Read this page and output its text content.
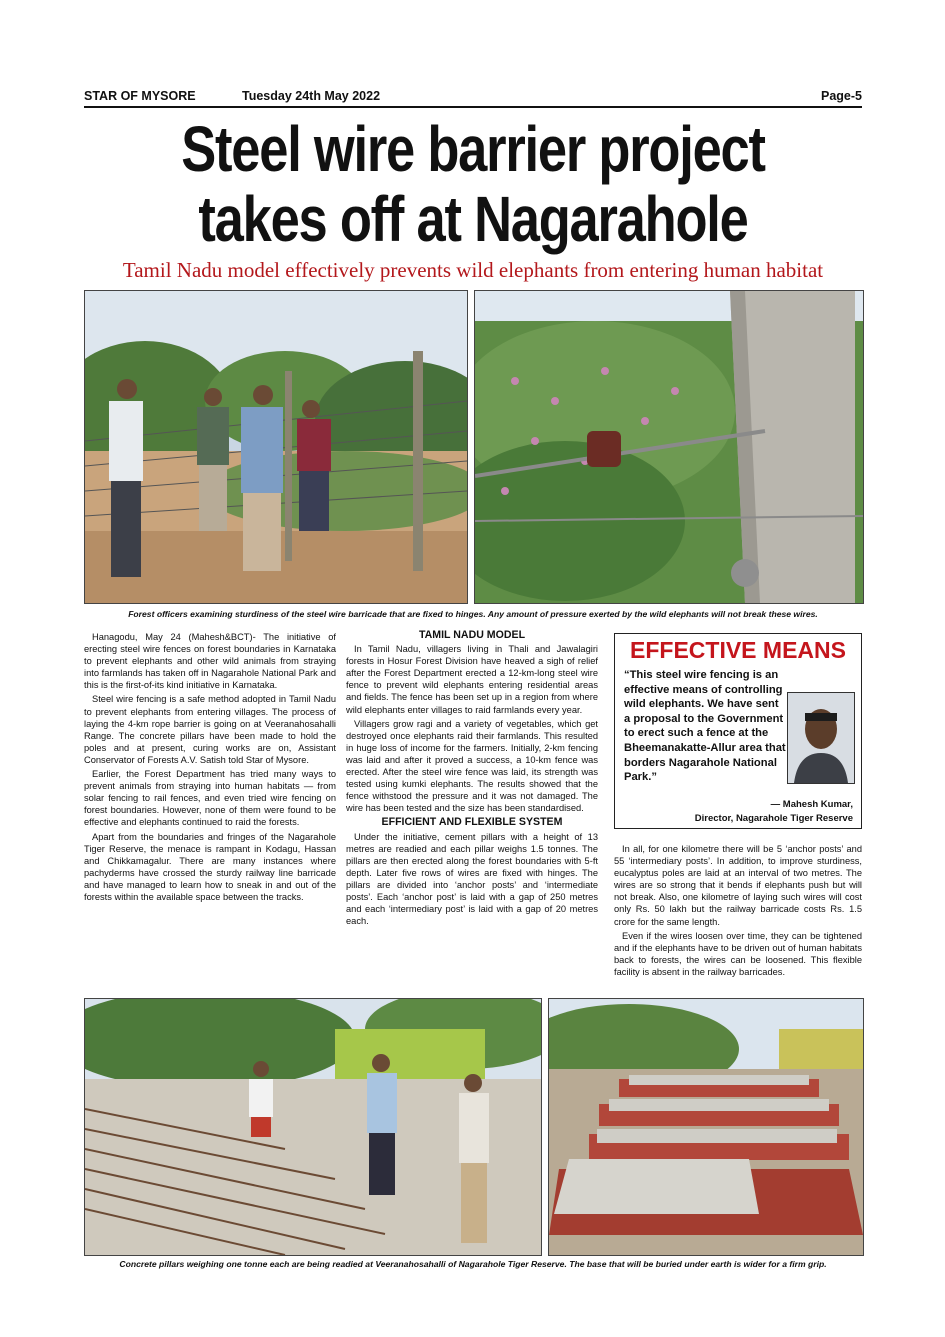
STAR OF MYSORE	Tuesday 24th May 2022	Page-5
Steel wire barrier project
takes off at Nagarahole
Tamil Nadu model effectively prevents wild elephants from entering human habitat
Forest officers examining sturdiness of the steel wire barricade that are fixed to hinges. Any amount of pressure exerted by the wild elephants will not break these wires.

Hanagodu, May 24 (Mahesh&BCT)- The initiative of erecting steel wire fences on forest boundaries in Karnataka to prevent elephants and other wild animals from straying into farmlands has taken off in Nagarahole National Park and this is the first-of-its kind initiative in Karnataka.

Steel wire fencing is a safe method adopted in Tamil Nadu to prevent elephants from entering villages. The process of laying the 4-km rope barrier is going on at Veeranahosahalli Range. The concrete pillars have been made to hold the poles and at present, curing works are on, Assistant Conservator of Forests A.V. Satish told Star of Mysore.

Earlier, the Forest Department has tried many ways to prevent animals from straying into human habitats — from solar fencing to rail fences, and even tried wire fencing on forest boundaries. However, none of them were found to be effective and elephants continued to raid the forests.

Apart from the boundaries and fringes of the Nagarahole Tiger Reserve, the menace is rampant in Kodagu, Hassan and Chikkamagalur. There are many instances where pachyderms have crossed the sturdy railway line barricade and have managed to learn how to sneak in and out of the forests within the available space between the tracks.

TAMIL NADU MODEL

In Tamil Nadu, villagers living in Thali and Jawalagiri forests in Hosur Forest Division have heaved a sigh of relief after the Forest Department erected a 12-km-long steel wire fence to prevent wild elephants entering residential areas and fields. The fence has been set up in a region from where wild elephants enter villages to raid farmlands every year.

Villagers grow ragi and a variety of vegetables, which get destroyed once elephants raid their farmlands. This resulted in huge loss of income for the farmers. Initially, 2-km fencing was laid and after it proved a success, a 10-km fence was erected. After the steel wire fence was laid, its strength was tested using kumki elephants. The results showed that the fence withstood the pressure and it was not damaged. The wire has been tested and the size has been standardised.

EFFICIENT AND FLEXIBLE SYSTEM

Under the initiative, cement pillars with a height of 13 metres are readied and each pillar weighs 1.5 tonnes. The pillars are then erected along the forest boundaries with 5-ft depth. Later five rows of wires are fixed with hinges. The pillars are divided into ‘anchor posts’ and ‘intermediate posts’. Each ‘anchor post’ is laid with a gap of 250 metres and each ‘intermediary post’ is laid with a gap of 20 metres each.

EFFECTIVE MEANS
“This steel wire fencing is an effective means of controlling wild elephants. We have sent a proposal to the Government to erect such a fence at the Bheemanakatte-Allur area that borders Nagarahole National Park.”
— Mahesh Kumar,
Director, Nagarahole Tiger Reserve

In all, for one kilometre there will be 5 ‘anchor posts’ and 55 ‘intermediary posts’. In addition, to improve sturdiness, eucalyptus poles are laid at an interval of two metres. The wires are so strong that it bends if elephants push but will not break. Also, one kilometre of laying such wires will cost only Rs. 50 lakh but the railway barricade costs Rs. 1.5 crore for the same length.

Even if the wires loosen over time, they can be tightened and if the elephants have to be driven out of human habitats back to forests, the wires can be loosened. This flexible facility is absent in the railway barricades.

Concrete pillars weighing one tonne each are being readied at Veeranahosahalli of Nagarahole Tiger Reserve. The base that will be buried under earth is wider for a firm grip.
